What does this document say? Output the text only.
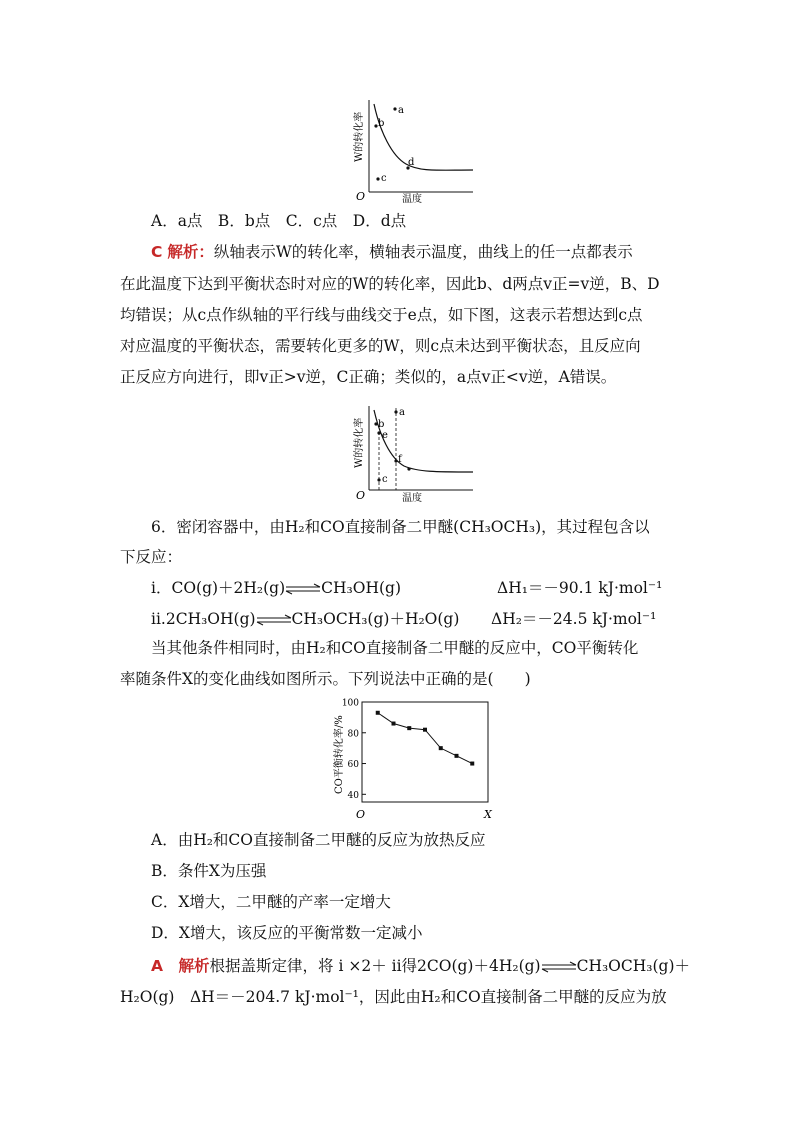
a
b
c
d
O	温度
W的转化率
A．a点　B．b点　C．c点　D．d点
C 解析：纵轴表示W的转化率，横轴表示温度，曲线上的任一点都表示
在此温度下达到平衡状态时对应的W的转化率，因此b、d两点v正=v逆，B、D
均错误；从c点作纵轴的平行线与曲线交于e点，如下图，这表示若想达到c点
对应温度的平衡状态，需要转化更多的W，则c点未达到平衡状态，且反应向
正反应方向进行，即v正>v逆，C正确；类似的，a点v正<v逆，A错误。
a
b
e
f
c
O	温度
W的转化率
6．密闭容器中，由H₂和CO直接制备二甲醚(CH₃OCH₃)，其过程包含以
下反应：
i．CO(g)＋2H₂(g)⇌CH₃OH(g)	ΔH₁＝－90.1 kJ·mol⁻¹
ii.2CH₃OH(g)⇌CH₃OCH₃(g)＋H₂O(g) ΔH₂＝－24.5 kJ·mol⁻¹
当其他条件相同时，由H₂和CO直接制备二甲醚的反应中，CO平衡转化
率随条件X的变化曲线如图所示。下列说法中正确的是(　　)
CO平衡转化率/%
O	X
40
60
80
100
A．由H₂和CO直接制备二甲醚的反应为放热反应
B．条件X为压强
C．X增大，二甲醚的产率一定增大
D．X增大，该反应的平衡常数一定减小
A　 解析根据盖斯定律，将 i ×2＋ ii得2CO(g)＋4H₂(g)⇌CH₃OCH₃(g)＋
H₂O(g)　ΔH＝－204.7 kJ·mol⁻¹，因此由H₂和CO直接制备二甲醚的反应为放
